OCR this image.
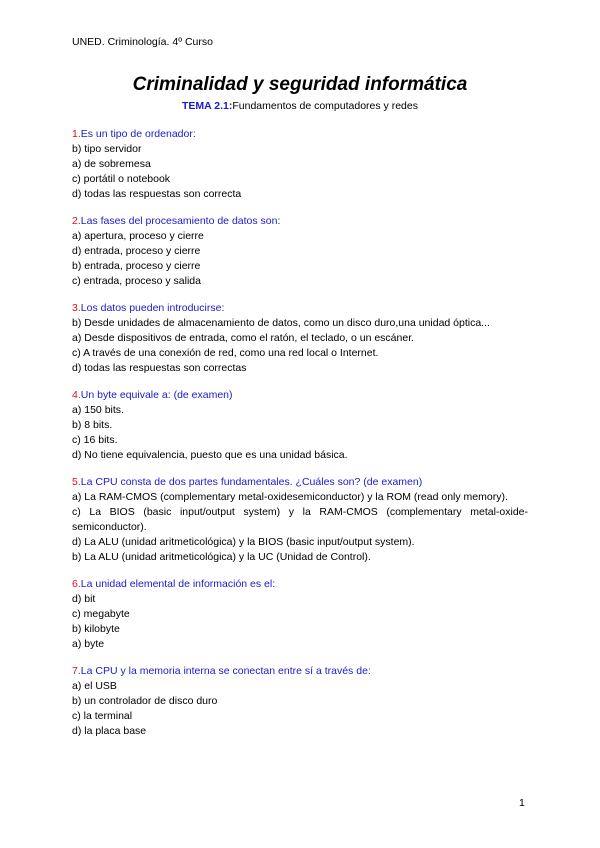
UNED. Criminología. 4º Curso
Criminalidad y seguridad informática
TEMA 2.1:Fundamentos de computadores y redes
1.Es un tipo de ordenador:
b) tipo servidor
a) de sobremesa
c) portátil o notebook
d) todas las respuestas son correcta
2.Las fases del procesamiento de datos son:
a) apertura, proceso y cierre
d) entrada, proceso y cierre
b) entrada, proceso y cierre
c) entrada, proceso y salida
3.Los datos pueden introducirse:
b) Desde unidades de almacenamiento de datos, como un disco duro,una unidad óptica...
a) Desde dispositivos de entrada, como el ratón, el teclado, o un escáner.
c) A través de una conexión de red, como una red local o Internet.
d) todas las respuestas son correctas
4.Un byte equivale a: (de examen)
a) 150 bits.
b) 8 bits.
c) 16 bits.
d) No tiene equivalencia, puesto que es una unidad básica.
5.La CPU consta de dos partes fundamentales. ¿Cuáles son? (de examen)
a) La RAM-CMOS (complementary metal-oxidesemiconductor) y la ROM (read only memory).
c) La BIOS (basic input/output system) y la RAM-CMOS (complementary metal-oxide-semiconductor).
d) La ALU (unidad aritmeticológica) y la BIOS (basic input/output system).
b) La ALU (unidad aritmeticológica) y la UC (Unidad de Control).
6.La unidad elemental de información es el:
d) bit
c) megabyte
b) kilobyte
a) byte
7.La CPU y la memoria interna se conectan entre sí a través de:
a) el USB
b) un controlador de disco duro
c) la terminal
d) la placa base
1
